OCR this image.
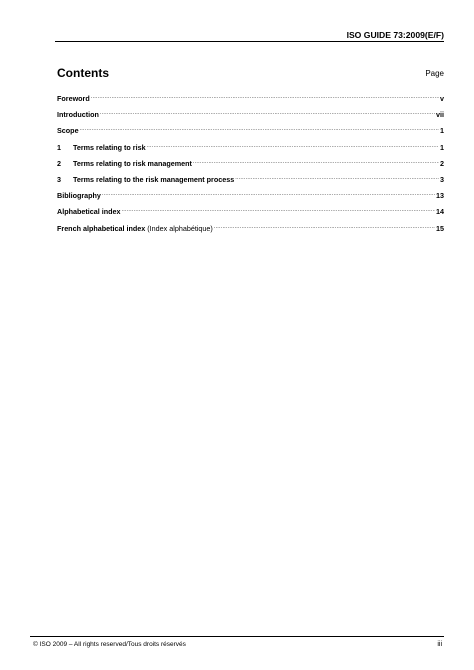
ISO GUIDE 73:2009(E/F)
Contents	Page
Foreword .....	v
Introduction .....	vii
Scope .....	1
1	Terms relating to risk .....	1
2	Terms relating to risk management .....	2
3	Terms relating to the risk management process .....	3
Bibliography .....	13
Alphabetical index .....	14
French alphabetical index (Index alphabétique) .....	15
© ISO 2009 – All rights reserved/Tous droits réservés	iii
